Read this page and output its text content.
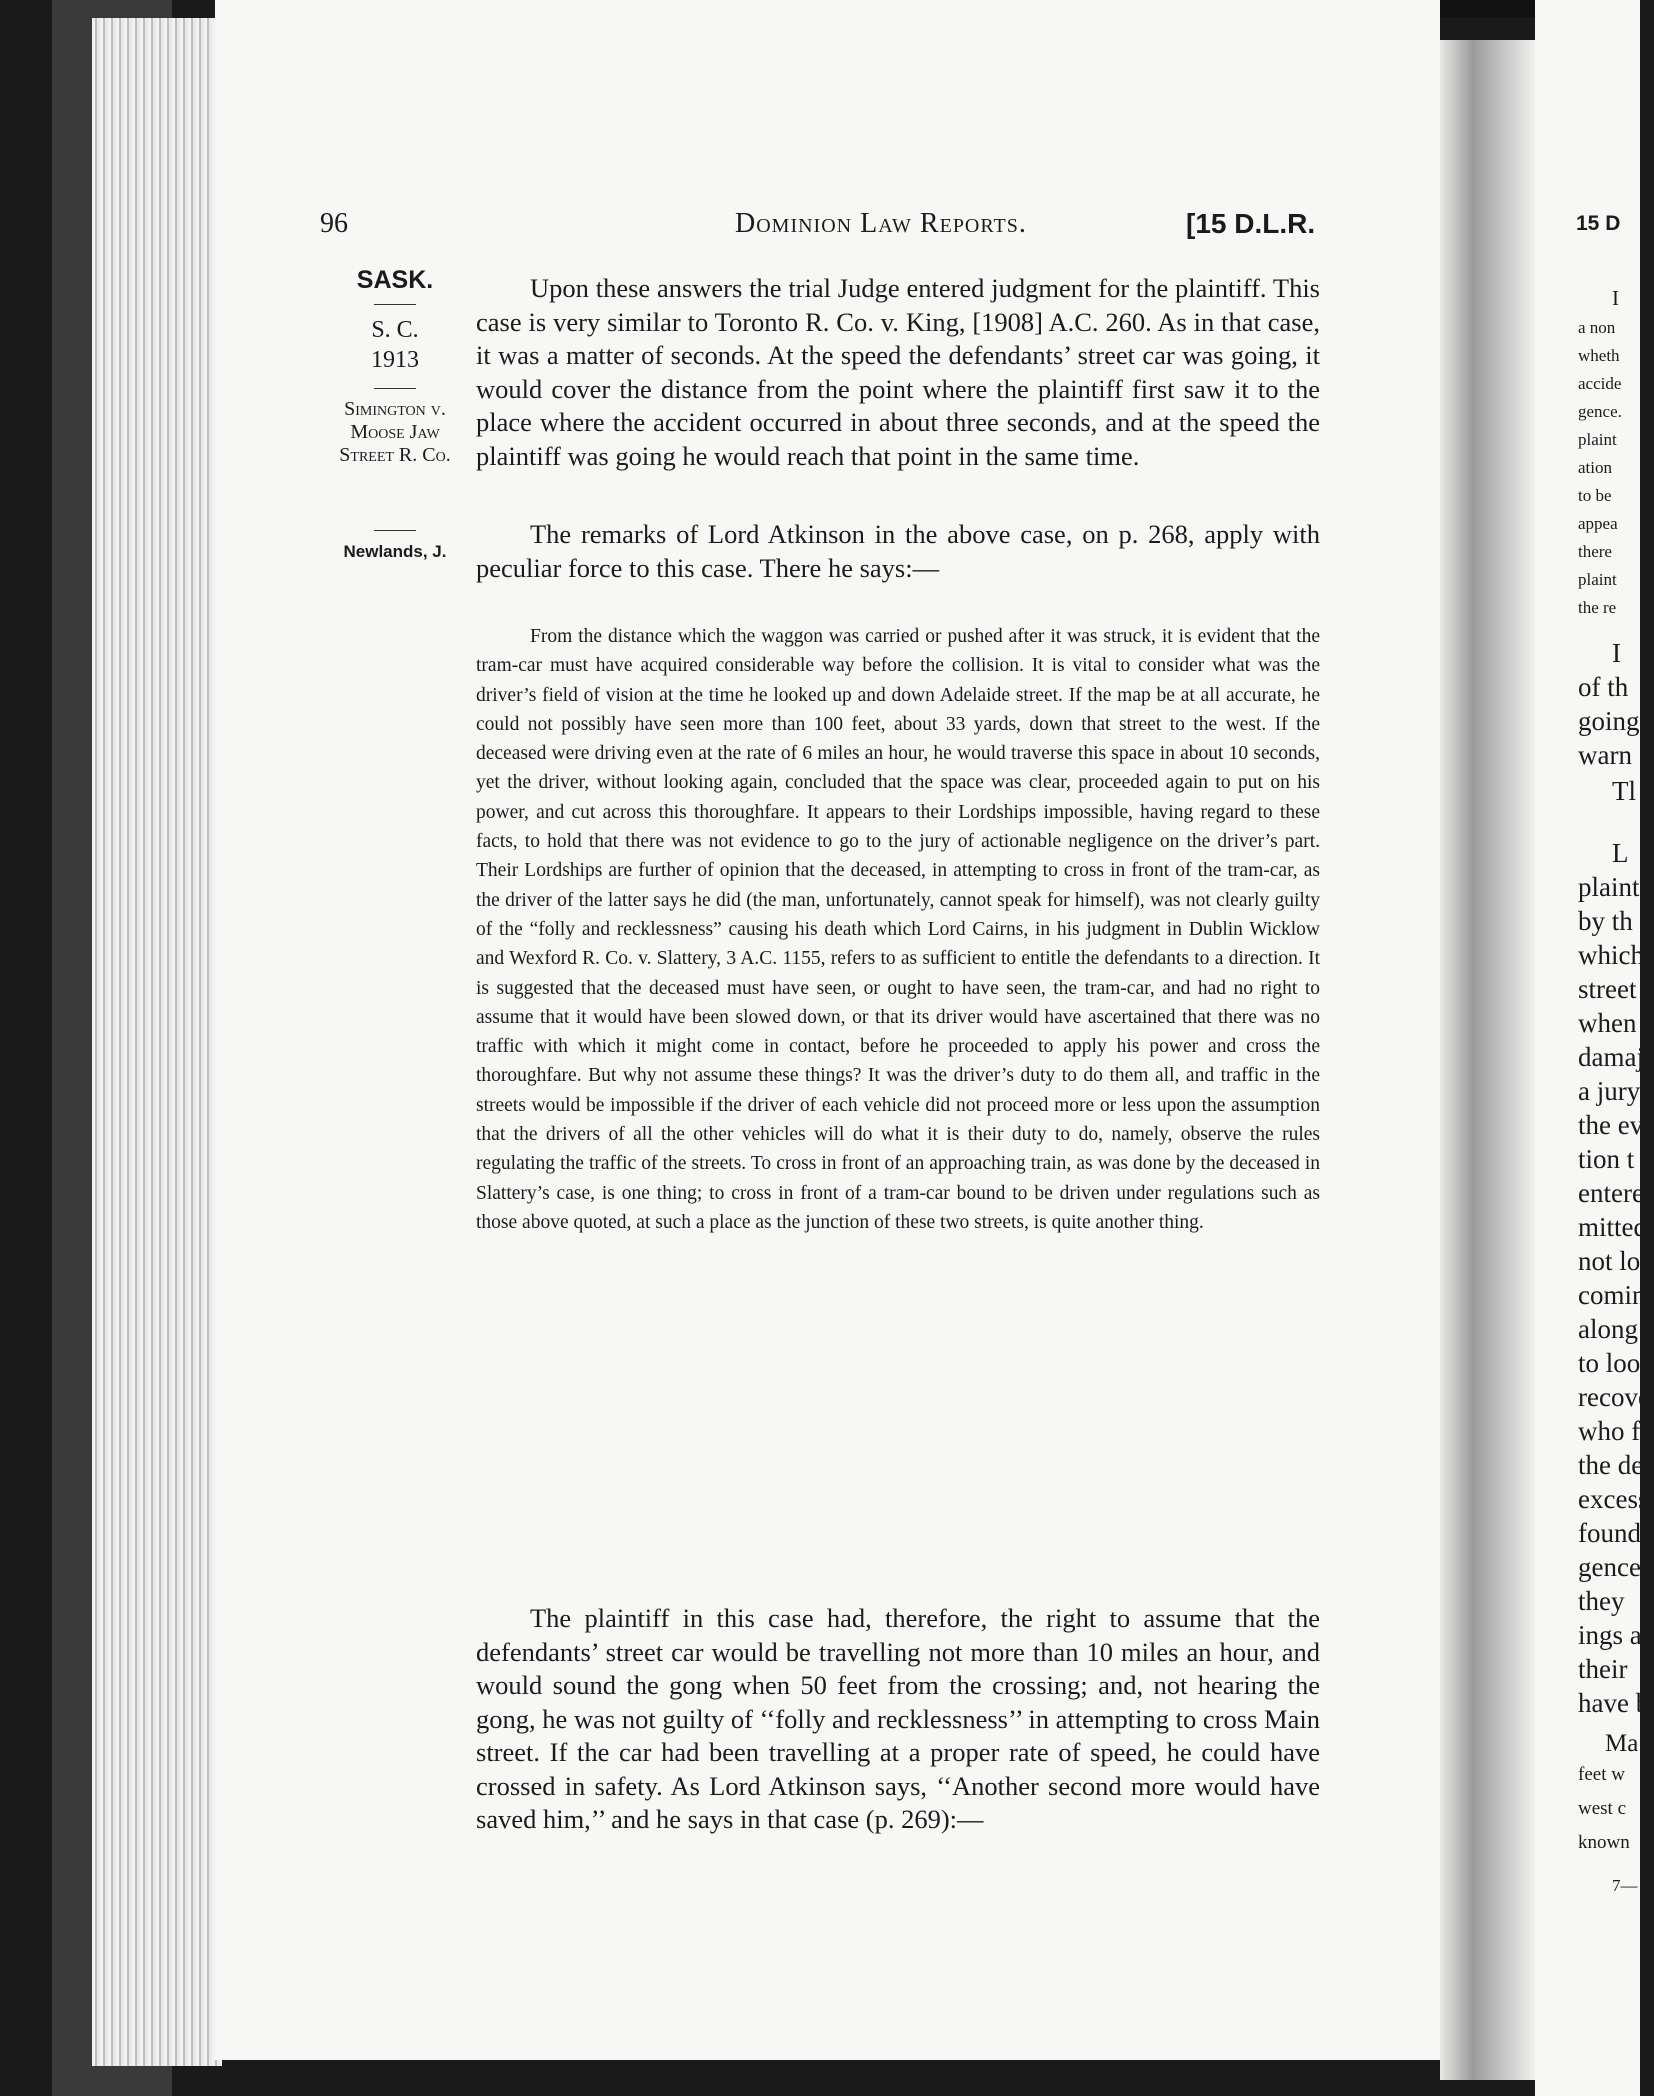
96	Dominion Law Reports.	[15 D.L.R.
SASK.
S. C.
1913
Simington v. Moose Jaw Street R. Co.
Newlands, J.
Upon these answers the trial Judge entered judgment for the plaintiff. This case is very similar to Toronto R. Co. v. King, [1908] A.C. 260. As in that case, it was a matter of seconds. At the speed the defendants’ street car was going, it would cover the distance from the point where the plaintiff first saw it to the place where the accident occurred in about three seconds, and at the speed the plaintiff was going he would reach that point in the same time.
The remarks of Lord Atkinson in the above case, on p. 268, apply with peculiar force to this case. There he says:—
From the distance which the waggon was carried or pushed after it was struck, it is evident that the tram-car must have acquired considerable way before the collision. It is vital to consider what was the driver’s field of vision at the time he looked up and down Adelaide street. If the map be at all accurate, he could not possibly have seen more than 100 feet, about 33 yards, down that street to the west. If the deceased were driving even at the rate of 6 miles an hour, he would traverse this space in about 10 seconds, yet the driver, without looking again, concluded that the space was clear, proceeded again to put on his power, and cut across this thoroughfare. It appears to their Lordships impossible, having regard to these facts, to hold that there was not evidence to go to the jury of actionable negligence on the driver’s part. Their Lordships are further of opinion that the deceased, in attempting to cross in front of the tram-car, as the driver of the latter says he did (the man, unfortunately, cannot speak for himself), was not clearly guilty of the “folly and recklessness” causing his death which Lord Cairns, in his judgment in Dublin Wicklow and Wexford R. Co. v. Slattery, 3 A.C. 1155, refers to as sufficient to entitle the defendants to a direction. It is suggested that the deceased must have seen, or ought to have seen, the tram-car, and had no right to assume that it would have been slowed down, or that its driver would have ascertained that there was no traffic with which it might come in contact, before he proceeded to apply his power and cross the thoroughfare. But why not assume these things? It was the driver’s duty to do them all, and traffic in the streets would be impossible if the driver of each vehicle did not proceed more or less upon the assumption that the drivers of all the other vehicles will do what it is their duty to do, namely, observe the rules regulating the traffic of the streets. To cross in front of an approaching train, as was done by the deceased in Slattery’s case, is one thing; to cross in front of a tram-car bound to be driven under regulations such as those above quoted, at such a place as the junction of these two streets, is quite another thing.
The plaintiff in this case had, therefore, the right to assume that the defendants’ street car would be travelling not more than 10 miles an hour, and would sound the gong when 50 feet from the crossing; and, not hearing the gong, he was not guilty of ‘‘folly and recklessness’’ in attempting to cross Main street. If the car had been travelling at a proper rate of speed, he could have crossed in safety. As Lord Atkinson says, ‘‘Another second more would have saved him,’’ and he says in that case (p. 269):—
15 D
I
a non
wheth
accide
gence.
plaint
ation
to be
appea
there
plaint
the re
I
of th
going
warn
Tl
L
plaint
by th
which
street
when
damaj
a jury
the ev
tion t
entere
mitted
not lo
comin
along
to look
recove
who f
the de
excess
found
gence.
they
ings a
their
have b
Ma
feet w
west c
known
7—
